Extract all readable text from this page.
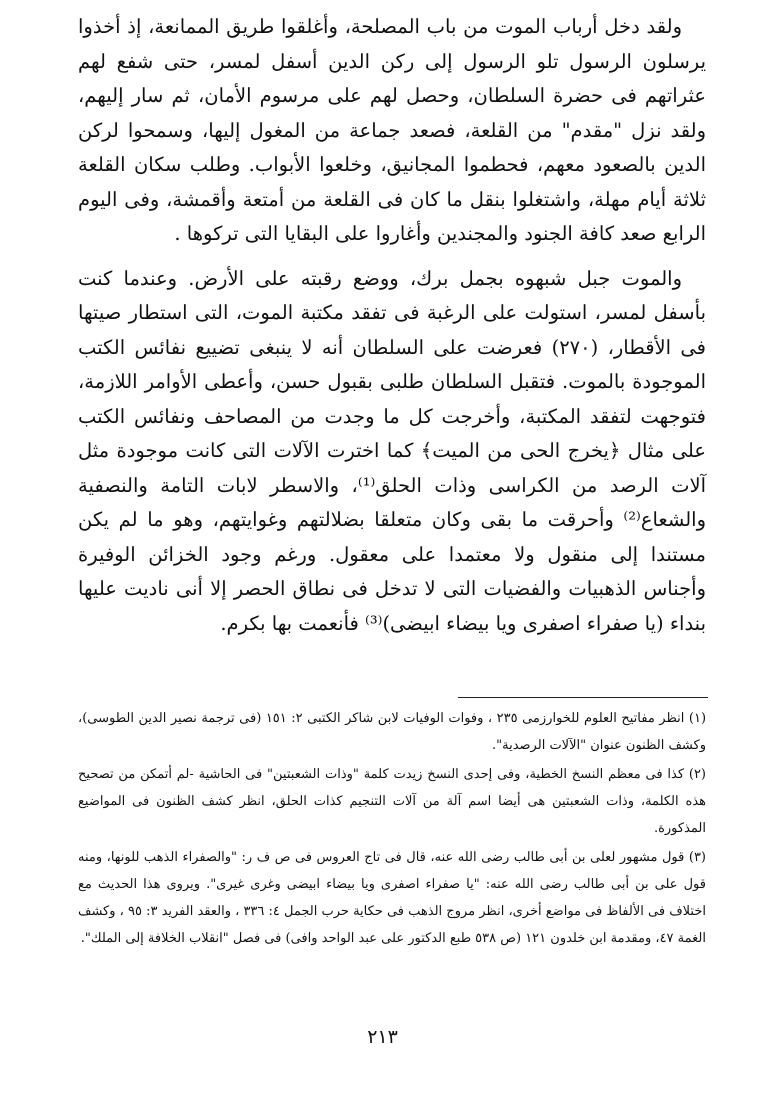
ولقد دخل أرباب الموت من باب المصلحة، وأغلقوا طريق الممانعة، إذ أخذوا يرسلون الرسول تلو الرسول إلى ركن الدين أسفل لمسر، حتى شفع لهم عثراتهم فى حضرة السلطان، وحصل لهم على مرسوم الأمان، ثم سار إليهم، ولقد نزل "مقدم" من القلعة، فصعد جماعة من المغول إليها، وسمحوا لركن الدين بالصعود معهم، فحطموا المجانيق، وخلعوا الأبواب. وطلب سكان القلعة ثلاثة أيام مهلة، واشتغلوا بنقل ما كان فى القلعة من أمتعة وأقمشة، وفى اليوم الرابع صعد كافة الجنود والمجندين وأغاروا على البقايا التى تركوها .

والموت جبل شبهوه بجمل برك، ووضع رقبته على الأرض. وعندما كنت بأسفل لمسر، استولت على الرغبة فى تفقد مكتبة الموت، التى استطار صيتها فى الأقطار، (٢٧٠) فعرضت على السلطان أنه لا ينبغى تضييع نفائس الكتب الموجودة بالموت. فتقبل السلطان طلبى بقبول حسن، وأعطى الأوامر اللازمة، فتوجهت لتفقد المكتبة، وأخرجت كل ما وجدت من المصاحف ونفائس الكتب على مثال ﴿يخرج الحى من الميت﴾ كما اخترت الآلات التى كانت موجودة مثل آلات الرصد من الكراسى وذات الحلق⁽¹⁾، والاسطر لابات التامة والنصفية والشعاع⁽²⁾ وأحرقت ما بقى وكان متعلقا بضلالتهم وغوايتهم، وهو ما لم يكن مستندا إلى منقول ولا معتمدا على معقول. ورغم وجود الخزائن الوفيرة وأجناس الذهبيات والفضيات التى لا تدخل فى نطاق الحصر إلا أنى ناديت عليها بنداء (يا صفراء اصفرى ويا بيضاء ابيضى)⁽³⁾ فأنعمت بها بكرم.

(١) انظر مفاتيح العلوم للخوارزمى ٢٣٥ ، وفوات الوفيات لابن شاكر الكتبى ٢: ١٥١ (فى ترجمة نصير الدين الطوسى)، وكشف الظنون عنوان "الآلات الرصدية".

(٢) كذا فى معظم النسخ الخطية، وفى إحدى النسخ زيدت كلمة "وذات الشعبتين" فى الحاشية -لم أتمكن من تصحيح هذه الكلمة، وذات الشعبتين هى أيضا اسم آلة من آلات التنجيم كذات الحلق، انظر كشف الظنون فى المواضيع المذكورة.

(٣) قول مشهور لعلى بن أبى طالب رضى الله عنه، قال فى تاج العروس فى ص ف ر: "والصفراء الذهب للونها، ومنه قول على بن أبى طالب رضى الله عنه: "يا صفراء اصفرى ويا بيضاء ابيضى وغرى غيرى". ويروى هذا الحديث مع اختلاف فى الألفاظ فى مواضع أخرى، انظر مروج الذهب فى حكاية حرب الجمل ٤: ٣٣٦ ، والعقد الفريد ٣: ٩٥ ، وكشف الغمة ٤٧، ومقدمة ابن خلدون ١٢١ (ص ٥٣٨ طبع الدكتور على عبد الواحد وافى) فى فصل "انقلاب الخلافة إلى الملك".

٢١٣
